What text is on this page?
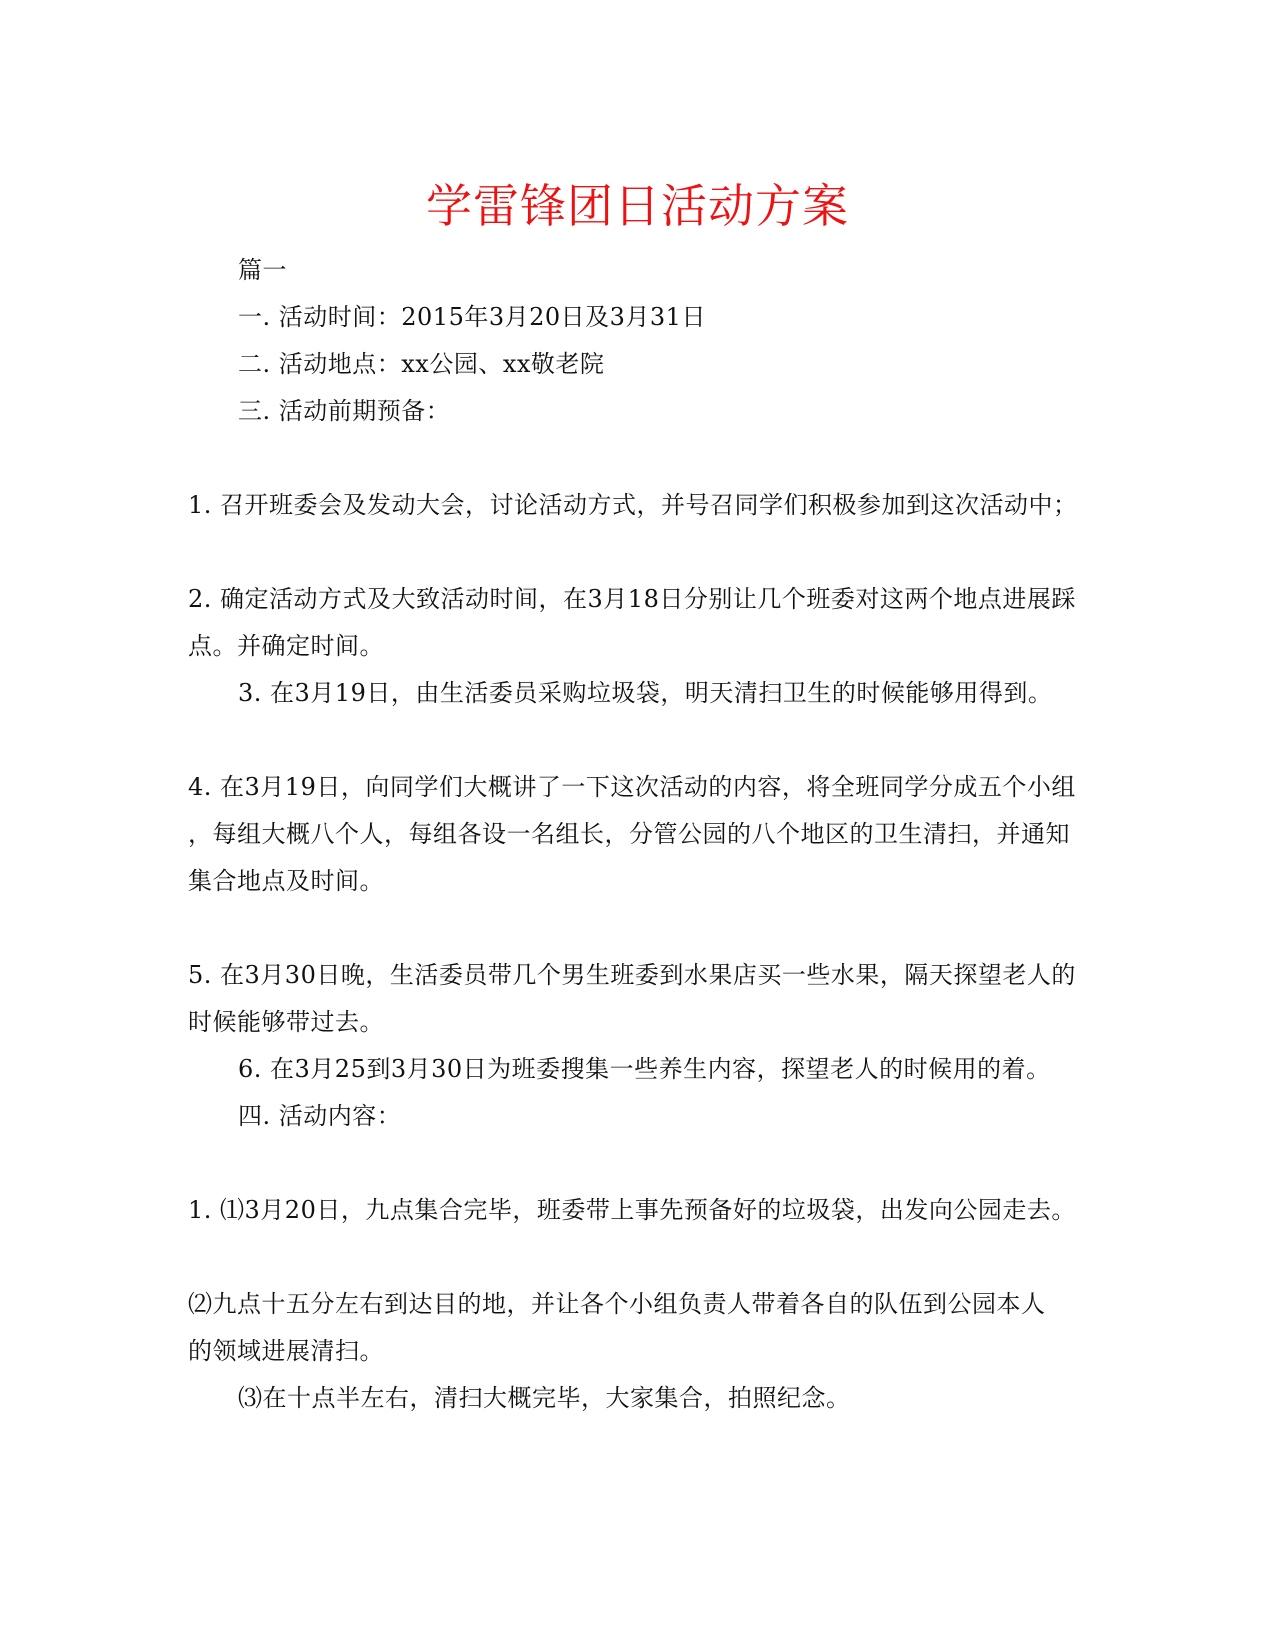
学雷锋团日活动方案
篇一
一. 活动时间：2015年3月20日及3月31日
二. 活动地点：xx公园、xx敬老院
三. 活动前期预备：
1. 召开班委会及发动大会，讨论活动方式，并号召同学们积极参加到这次活动中；
2. 确定活动方式及大致活动时间，在3月18日分别让几个班委对这两个地点进展踩
点。并确定时间。
3. 在3月19日，由生活委员采购垃圾袋，明天清扫卫生的时候能够用得到。
4. 在3月19日，向同学们大概讲了一下这次活动的内容，将全班同学分成五个小组
，每组大概八个人，每组各设一名组长，分管公园的八个地区的卫生清扫，并通知
集合地点及时间。
5. 在3月30日晚，生活委员带几个男生班委到水果店买一些水果，隔天探望老人的
时候能够带过去。
6. 在3月25到3月30日为班委搜集一些养生内容，探望老人的时候用的着。
四. 活动内容：
1. ⑴3月20日，九点集合完毕，班委带上事先预备好的垃圾袋，出发向公园走去。
⑵九点十五分左右到达目的地，并让各个小组负责人带着各自的队伍到公园本人
的领域进展清扫。
⑶在十点半左右，清扫大概完毕，大家集合，拍照纪念。
